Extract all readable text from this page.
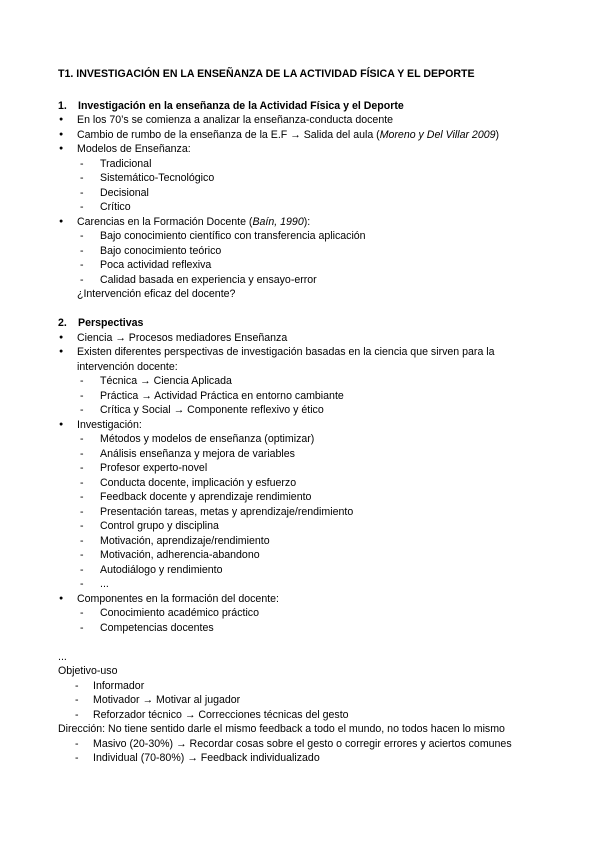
T1. INVESTIGACIÓN EN LA ENSEÑANZA DE LA ACTIVIDAD FÍSICA Y EL DEPORTE
1. Investigación en la enseñanza de la Actividad Física y el Deporte
● En los 70’s se comienza a analizar la enseñanza-conducta docente
● Cambio de rumbo de la enseñanza de la E.F → Salida del aula (Moreno y Del Villar 2009)
● Modelos de Enseñanza:
- Tradicional
- Sistemático-Tecnológico
- Decisional
- Crítico
● Carencias en la Formación Docente (Baín, 1990):
- Bajo conocimiento científico con transferencia aplicación
- Bajo conocimiento teórico
- Poca actividad reflexiva
- Calidad basada en experiencia y ensayo-error
¿Intervención eficaz del docente?
2. Perspectivas
● Ciencia → Procesos mediadores Enseñanza
● Existen diferentes perspectivas de investigación basadas en la ciencia que sirven para la
intervención docente:
- Técnica → Ciencia Aplicada
- Práctica → Actividad Práctica en entorno cambiante
- Crítica y Social → Componente reflexivo y ético
● Investigación:
- Métodos y modelos de enseñanza (optimizar)
- Análisis enseñanza y mejora de variables
- Profesor experto-novel
- Conducta docente, implicación y esfuerzo
- Feedback docente y aprendizaje rendimiento
- Presentación tareas, metas y aprendizaje/rendimiento
- Control grupo y disciplina
- Motivación, aprendizaje/rendimiento
- Motivación, adherencia-abandono
- Autodiálogo y rendimiento
- ...
● Componentes en la formación del docente:
- Conocimiento académico práctico
- Competencias docentes
...
Objetivo-uso
- Informador
- Motivador → Motivar al jugador
- Reforzador técnico → Correcciones técnicas del gesto
Dirección: No tiene sentido darle el mismo feedback a todo el mundo, no todos hacen lo mismo
- Masivo (20-30%) → Recordar cosas sobre el gesto o corregir errores y aciertos comunes
- Individual (70-80%) → Feedback individualizado
